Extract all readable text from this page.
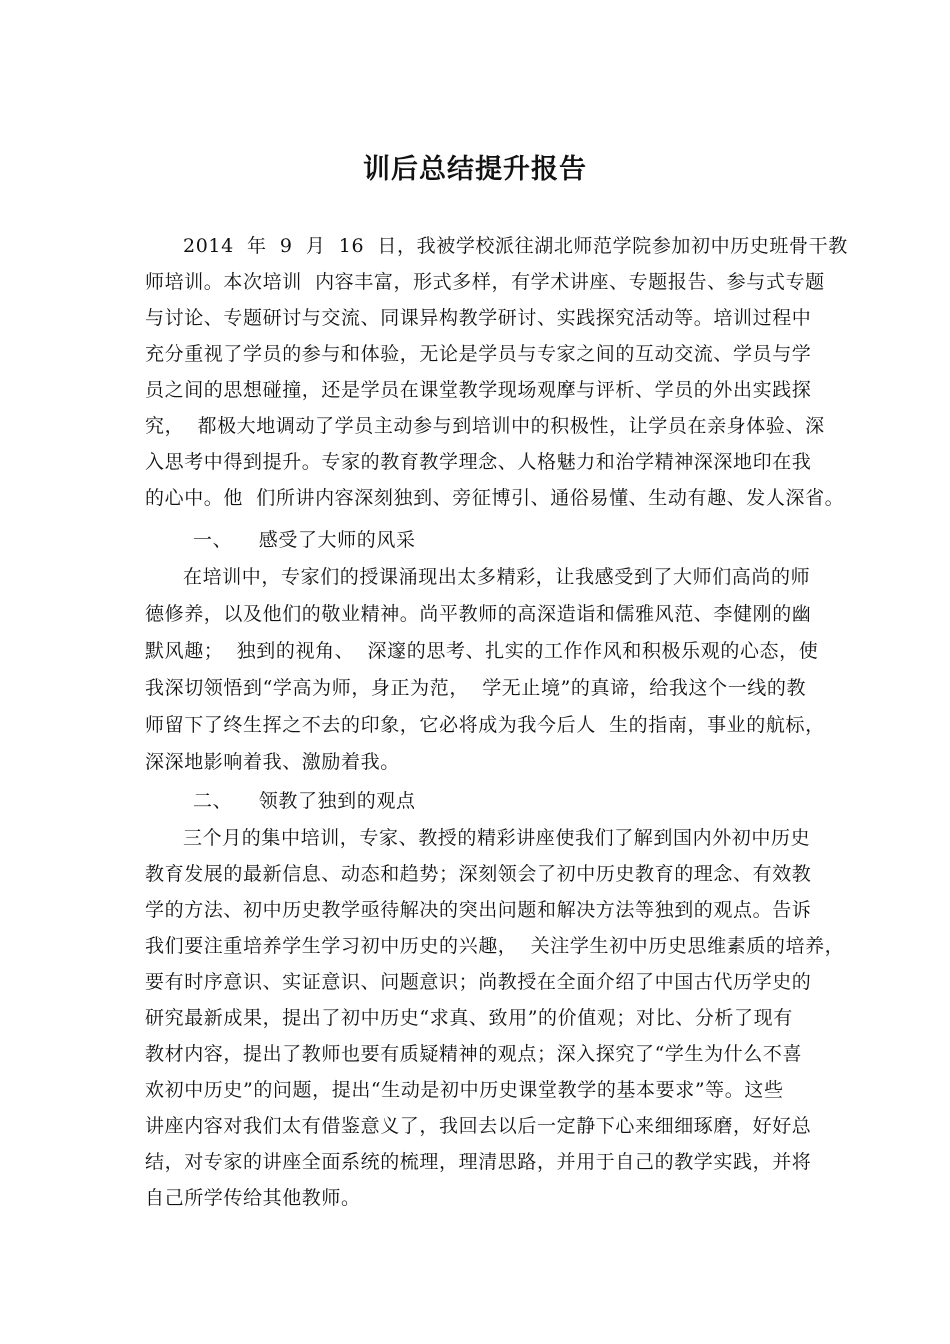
训后总结提升报告
2014  年  9  月  16  日，我被学校派往湖北师范学院参加初中历史班骨干教
师培训。本次培训  内容丰富，形式多样，有学术讲座、专题报告、参与式专题
与讨论、专题研讨与交流、同课异构教学研讨、实践探究活动等。培训过程中
充分重视了学员的参与和体验，无论是学员与专家之间的互动交流、学员与学
员之间的思想碰撞，还是学员在课堂教学现场观摩与评析、学员的外出实践探
究，  都极大地调动了学员主动参与到培训中的积极性，让学员在亲身体验、深
入思考中得到提升。专家的教育教学理念、人格魅力和治学精神深深地印在我
的心中。他  们所讲内容深刻独到、旁征博引、通俗易懂、生动有趣、发人深省。
一、    感受了大师的风采
在培训中，专家们的授课涌现出太多精彩，让我感受到了大师们高尚的师
德修养，以及他们的敬业精神。尚平教师的高深造诣和儒雅风范、李健刚的幽
默风趣；  独到的视角、  深邃的思考、扎实的工作作风和积极乐观的心态，使
我深切领悟到“学高为师，身正为范，  学无止境”的真谛，给我这个一线的教
师留下了终生挥之不去的印象，它必将成为我今后人  生的指南，事业的航标，
深深地影响着我、激励着我。
二、    领教了独到的观点
三个月的集中培训，专家、教授的精彩讲座使我们了解到国内外初中历史
教育发展的最新信息、动态和趋势；深刻领会了初中历史教育的理念、有效教
学的方法、初中历史教学亟待解决的突出问题和解决方法等独到的观点。告诉
我们要注重培养学生学习初中历史的兴趣，  关注学生初中历史思维素质的培养，
要有时序意识、实证意识、问题意识；尚教授在全面介绍了中国古代历学史的
研究最新成果，提出了初中历史“求真、致用”的价值观；对比、分析了现有
教材内容，提出了教师也要有质疑精神的观点；深入探究了“学生为什么不喜
欢初中历史”的问题，提出“生动是初中历史课堂教学的基本要求”等。这些
讲座内容对我们太有借鉴意义了，我回去以后一定静下心来细细琢磨，好好总
结，对专家的讲座全面系统的梳理，理清思路，并用于自己的教学实践，并将
自己所学传给其他教师。
